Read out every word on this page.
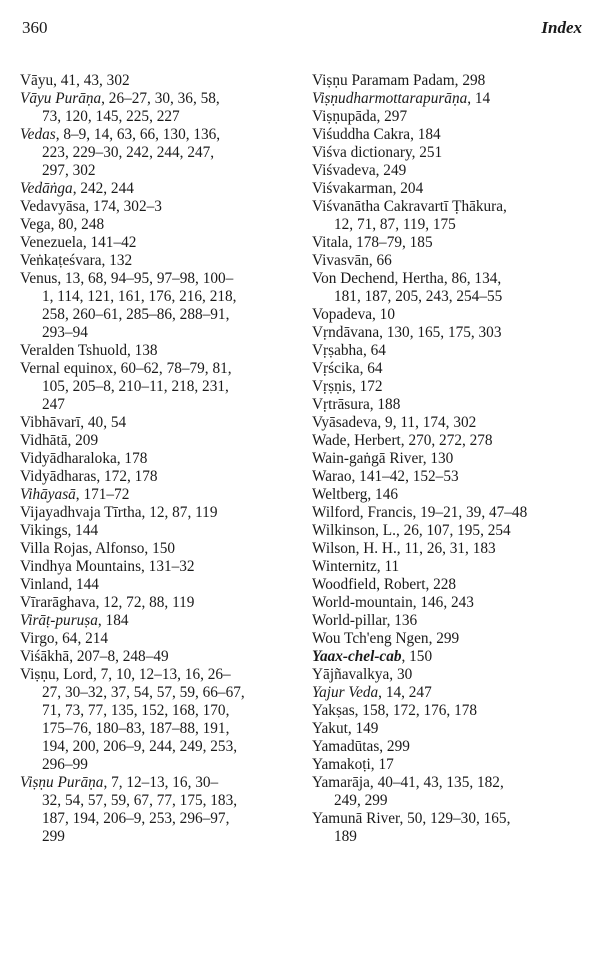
360	Index
Vāyu, 41, 43, 302
Vāyu Purāṇa, 26–27, 30, 36, 58,
73, 120, 145, 225, 227
Vedas, 8–9, 14, 63, 66, 130, 136,
223, 229–30, 242, 244, 247,
297, 302
Vedāṅga, 242, 244
Vedavyāsa, 174, 302–3
Vega, 80, 248
Venezuela, 141–42
Veṅkaṭeśvara, 132
Venus, 13, 68, 94–95, 97–98, 100–
1, 114, 121, 161, 176, 216, 218,
258, 260–61, 285–86, 288–91,
293–94
Veralden Tshuold, 138
Vernal equinox, 60–62, 78–79, 81,
105, 205–8, 210–11, 218, 231,
247
Vibhāvarī, 40, 54
Vidhātā, 209
Vidyādharaloka, 178
Vidyādharas, 172, 178
Vihāyasā, 171–72
Vijayadhvaja Tīrtha, 12, 87, 119
Vikings, 144
Villa Rojas, Alfonso, 150
Vindhya Mountains, 131–32
Vinland, 144
Vīrarāghava, 12, 72, 88, 119
Virāṭ-puruṣa, 184
Virgo, 64, 214
Viśākhā, 207–8, 248–49
Viṣṇu, Lord, 7, 10, 12–13, 16, 26–
27, 30–32, 37, 54, 57, 59, 66–67,
71, 73, 77, 135, 152, 168, 170,
175–76, 180–83, 187–88, 191,
194, 200, 206–9, 244, 249, 253,
296–99
Viṣṇu Purāṇa, 7, 12–13, 16, 30–
32, 54, 57, 59, 67, 77, 175, 183,
187, 194, 206–9, 253, 296–97,
299
Viṣṇu Paramam Padam, 298
Viṣṇudharmottarapurāṇa, 14
Viṣṇupāda, 297
Viśuddha Cakra, 184
Viśva dictionary, 251
Viśvadeva, 249
Viśvakarman, 204
Viśvanātha Cakravartī Ṭhākura,
12, 71, 87, 119, 175
Vitala, 178–79, 185
Vivasvān, 66
Von Dechend, Hertha, 86, 134,
181, 187, 205, 243, 254–55
Vopadeva, 10
Vṛndāvana, 130, 165, 175, 303
Vṛṣabha, 64
Vṛścika, 64
Vṛṣṇis, 172
Vṛtrāsura, 188
Vyāsadeva, 9, 11, 174, 302
Wade, Herbert, 270, 272, 278
Wain-gaṅgā River, 130
Warao, 141–42, 152–53
Weltberg, 146
Wilford, Francis, 19–21, 39, 47–48
Wilkinson, L., 26, 107, 195, 254
Wilson, H. H., 11, 26, 31, 183
Winternitz, 11
Woodfield, Robert, 228
World-mountain, 146, 243
World-pillar, 136
Wou Tch'eng Ngen, 299
Yaax-chel-cab, 150
Yājñavalkya, 30
Yajur Veda, 14, 247
Yakṣas, 158, 172, 176, 178
Yakut, 149
Yamadūtas, 299
Yamakoṭi, 17
Yamarāja, 40–41, 43, 135, 182,
249, 299
Yamunā River, 50, 129–30, 165,
189
